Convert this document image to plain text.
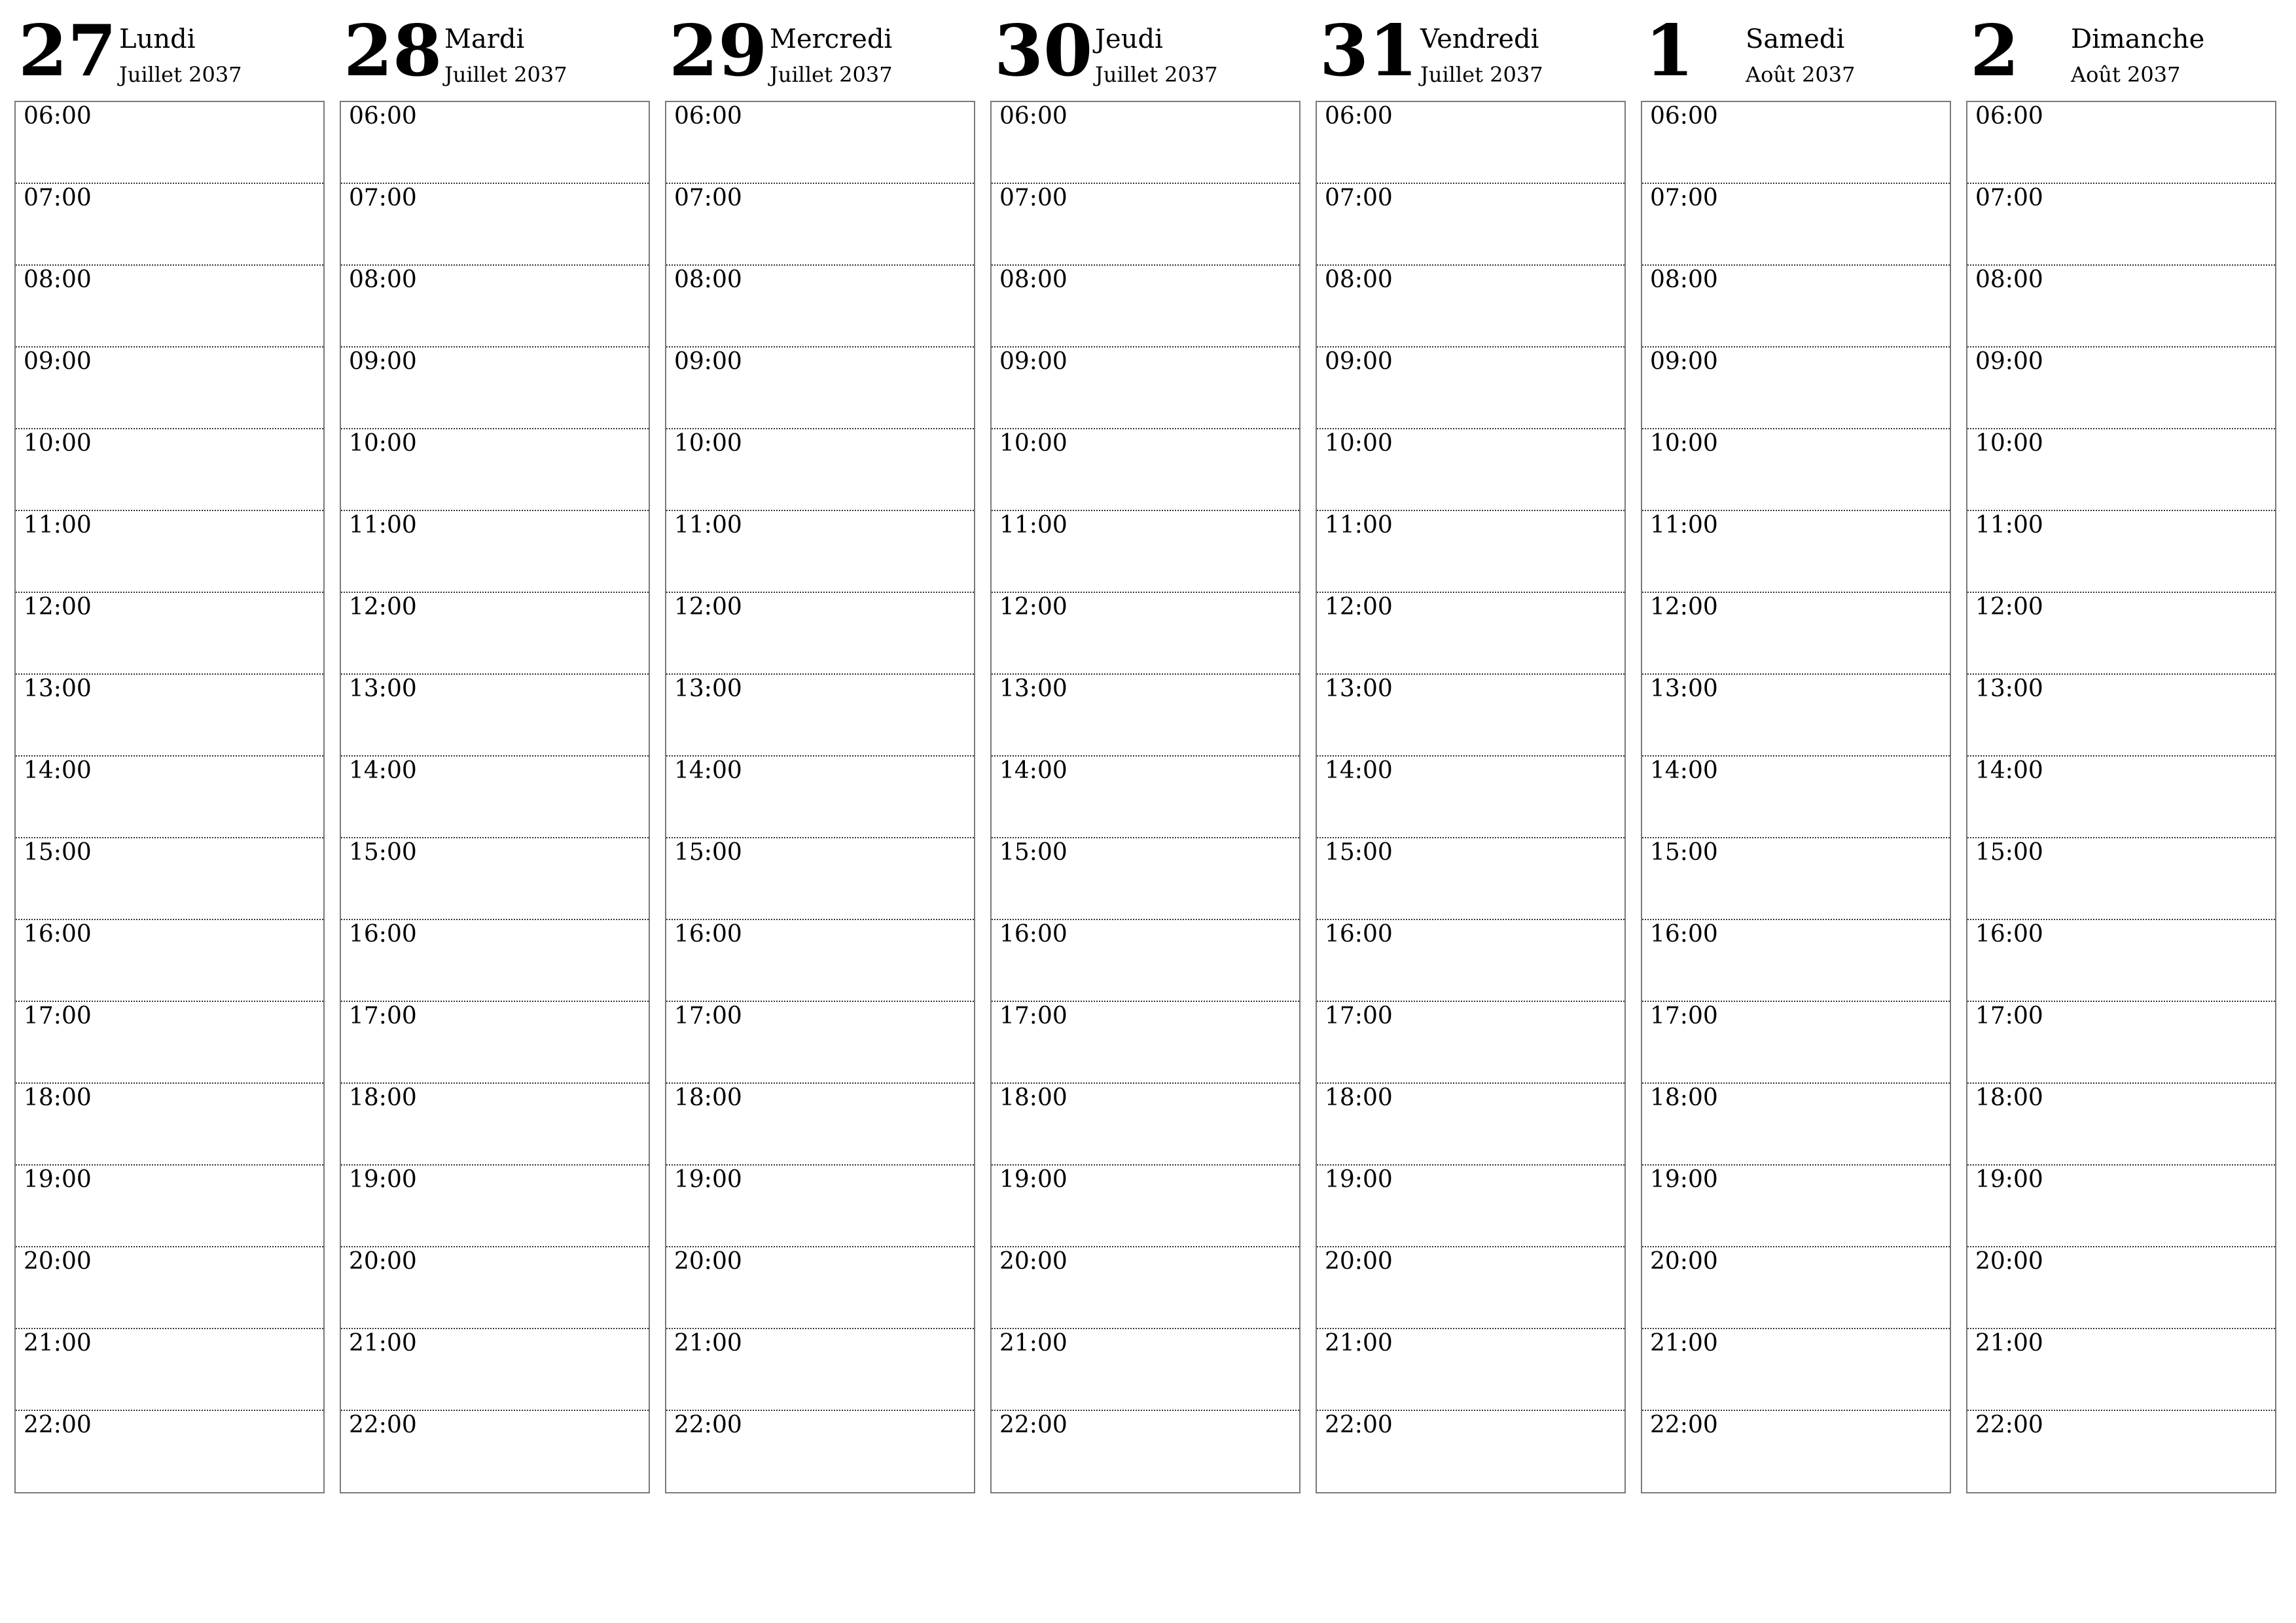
27 Lundi
Juillet 2037
06:00
07:00
08:00
09:00
10:00
11:00
12:00
13:00
14:00
15:00
16:00
17:00
18:00
19:00
20:00
21:00
22:00
28 Mardi
Juillet 2037
06:00
07:00
08:00
09:00
10:00
11:00
12:00
13:00
14:00
15:00
16:00
17:00
18:00
19:00
20:00
21:00
22:00
29 Mercredi
Juillet 2037
06:00
07:00
08:00
09:00
10:00
11:00
12:00
13:00
14:00
15:00
16:00
17:00
18:00
19:00
20:00
21:00
22:00
30 Jeudi
Juillet 2037
06:00
07:00
08:00
09:00
10:00
11:00
12:00
13:00
14:00
15:00
16:00
17:00
18:00
19:00
20:00
21:00
22:00
31 Vendredi
Juillet 2037
06:00
07:00
08:00
09:00
10:00
11:00
12:00
13:00
14:00
15:00
16:00
17:00
18:00
19:00
20:00
21:00
22:00
1 Samedi
Août 2037
06:00
07:00
08:00
09:00
10:00
11:00
12:00
13:00
14:00
15:00
16:00
17:00
18:00
19:00
20:00
21:00
22:00
2 Dimanche
Août 2037
06:00
07:00
08:00
09:00
10:00
11:00
12:00
13:00
14:00
15:00
16:00
17:00
18:00
19:00
20:00
21:00
22:00
